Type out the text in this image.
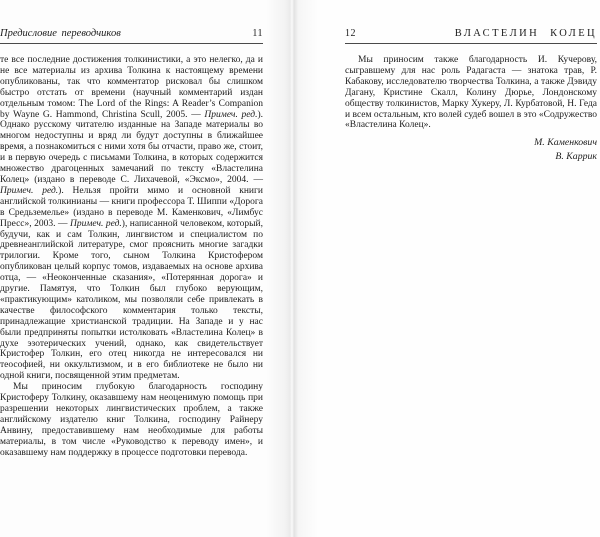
Предисловие переводчиков	11

те все последние достижения толкинистики, а это нелегко, да и не все материалы из архива Толкина к настоящему времени опубликованы, так что комментатор рисковал бы слишком быстро отстать от времени (научный комментарий издан отдельным томом: The Lord of the Rings: A Reader’s Companion by Wayne G. Hammond, Christina Scull, 2005. — Примеч. ред.). Однако русскому читателю изданные на Западе материалы во многом недоступны и вряд ли будут доступны в ближайшее время, а познакомиться с ними хотя бы отчасти, право же, стоит, и в первую очередь с письмами Толкина, в которых содержится множество драгоценных замечаний по тексту «Властелина Колец» (издано в переводе С. Лихачевой, «Эксмо», 2004. — Примеч. ред.). Нельзя пройти мимо и основной книги английской толкинианы — книги профессора Т. Шиппи «Дорога в Средьземелье» (издано в переводе М. Каменкович, «Лимбус Пресс», 2003. — Примеч. ред.), написанной человеком, который, будучи, как и сам Толкин, лингвистом и специалистом по древнеанглийской литературе, смог прояснить многие загадки трилогии. Кроме того, сыном Толкина Кристофером опубликован целый корпус томов, издаваемых на основе архива отца, — «Неоконченные сказания», «Потерянная дорога» и другие. Памятуя, что Толкин был глубоко верующим, «практикующим» католиком, мы позволяли себе привлекать в качестве философского комментария только тексты, принадлежащие христианской традиции. На Западе и у нас были предприняты попытки истолковать «Властелина Колец» в духе эзотерических учений, однако, как свидетельствует Кристофер Толкин, его отец никогда не интересовался ни теософией, ни оккультизмом, и в его библиотеке не было ни одной книги, посвященной этим предметам.

Мы приносим глубокую благодарность господину Кристоферу Толкину, оказавшему нам неоценимую помощь при разрешении некоторых лингвистических проблем, а также английскому издателю книг Толкина, господину Райнеру Анвину, предоставившему нам необходимые для работы материалы, в том числе «Руководство к переводу имен», и оказавшему нам поддержку в процессе подготовки перевода.

12	ВЛАСТЕЛИН КОЛЕЦ

Мы приносим также благодарность И. Кучерову, сыгравшему для нас роль Радагаста — знатока трав, Р. Кабакову, исследователю творчества Толкина, а также Дэвиду Дагану, Кристине Скалл, Колину Дюрье, Лондонскому обществу толкинистов, Марку Хукеру, Л. Курбатовой, Н. Геда и всем остальным, кто волей судеб вошел в это «Содружество «Властелина Колец».

М. Каменкович
В. Каррик
